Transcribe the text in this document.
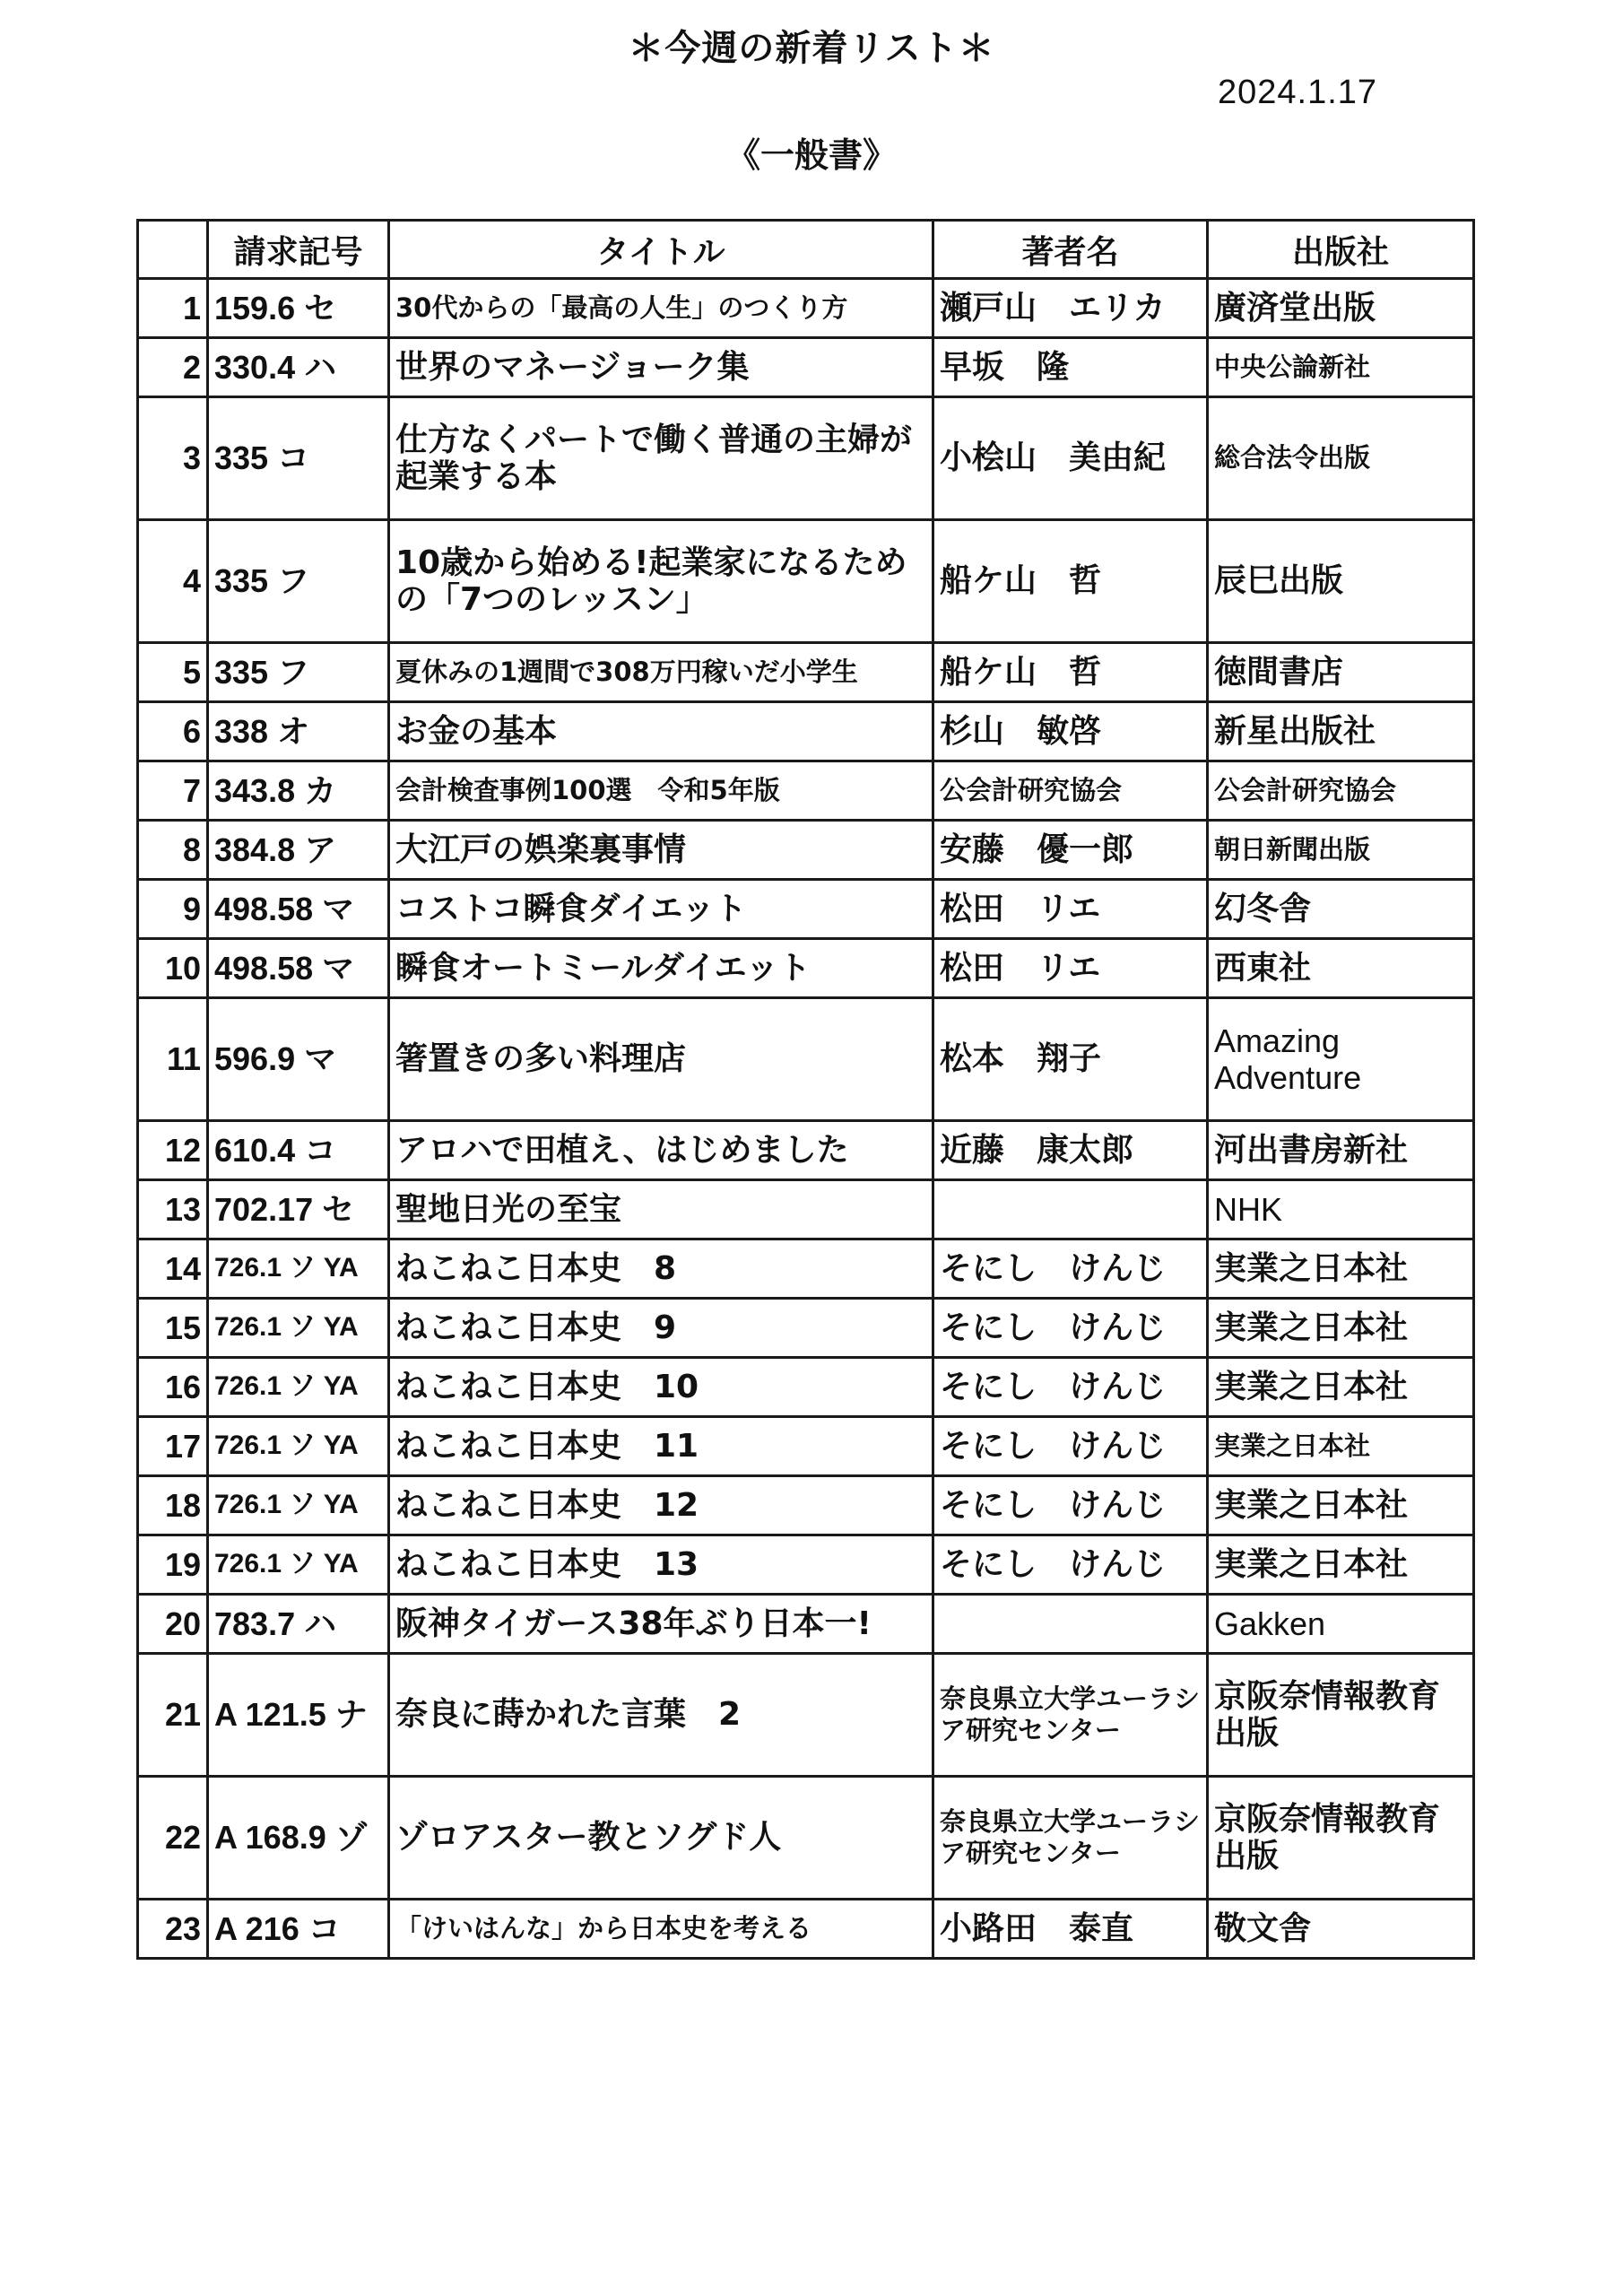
＊今週の新着リスト＊
2024.1.17
《一般書》
	請求記号	タイトル	著者名	出版社
1	159.6 セ	30代からの「最高の人生」のつくり方	瀬戸山　エリカ	廣済堂出版
2	330.4 ハ	世界のマネージョーク集	早坂　隆	中央公論新社
3	335 コ	仕方なくパートで働く普通の主婦が起業する本	小桧山　美由紀	総合法令出版
4	335 フ	10歳から始める!起業家になるための「7つのレッスン」	船ケ山　哲	辰巳出版
5	335 フ	夏休みの1週間で308万円稼いだ小学生	船ケ山　哲	徳間書店
6	338 オ	お金の基本	杉山　敏啓	新星出版社
7	343.8 カ	会計検査事例100選　令和5年版	公会計研究協会	公会計研究協会
8	384.8 ア	大江戸の娯楽裏事情	安藤　優一郎	朝日新聞出版
9	498.58 マ	コストコ瞬食ダイエット	松田　リエ	幻冬舎
10	498.58 マ	瞬食オートミールダイエット	松田　リエ	西東社
11	596.9 マ	箸置きの多い料理店	松本　翔子	Amazing Adventure
12	610.4 コ	アロハで田植え、はじめました	近藤　康太郎	河出書房新社
13	702.17 セ	聖地日光の至宝		NHK
14	726.1 ソ YA	ねこねこ日本史　8	そにし　けんじ	実業之日本社
15	726.1 ソ YA	ねこねこ日本史　9	そにし　けんじ	実業之日本社
16	726.1 ソ YA	ねこねこ日本史　10	そにし　けんじ	実業之日本社
17	726.1 ソ YA	ねこねこ日本史　11	そにし　けんじ	実業之日本社
18	726.1 ソ YA	ねこねこ日本史　12	そにし　けんじ	実業之日本社
19	726.1 ソ YA	ねこねこ日本史　13	そにし　けんじ	実業之日本社
20	783.7 ハ	阪神タイガース38年ぶり日本一!		Gakken
21	A 121.5 ナ	奈良に蒔かれた言葉　2	奈良県立大学ユーラシア研究センター	京阪奈情報教育出版
22	A 168.9 ゾ	ゾロアスター教とソグド人	奈良県立大学ユーラシア研究センター	京阪奈情報教育出版
23	A 216 コ	「けいはんな」から日本史を考える	小路田　泰直	敬文舎
